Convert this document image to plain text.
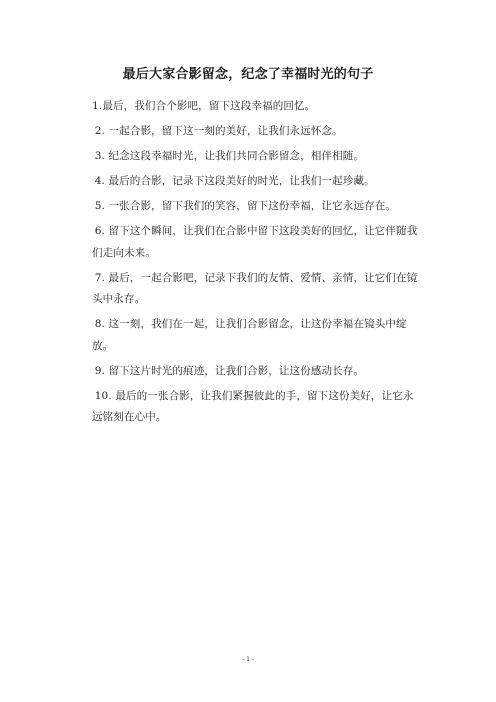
最后大家合影留念，纪念了幸福时光的句子

1.最后，我们合个影吧，留下这段幸福的回忆。

2. 一起合影，留下这一刻的美好，让我们永远怀念。

3. 纪念这段幸福时光，让我们共同合影留念，相伴相随。

4. 最后的合影，记录下这段美好的时光，让我们一起珍藏。

5. 一张合影，留下我们的笑容，留下这份幸福，让它永远存在。

6. 留下这个瞬间，让我们在合影中留下这段美好的回忆，让它伴随我们走向未来。

7. 最后，一起合影吧，记录下我们的友情、爱情、亲情，让它们在镜头中永存。

8. 这一刻，我们在一起，让我们合影留念，让这份幸福在镜头中绽放。

9. 留下这片时光的痕迹，让我们合影，让这份感动长存。

10. 最后的一张合影，让我们紧握彼此的手，留下这份美好，让它永远铭刻在心中。

- 1 -
